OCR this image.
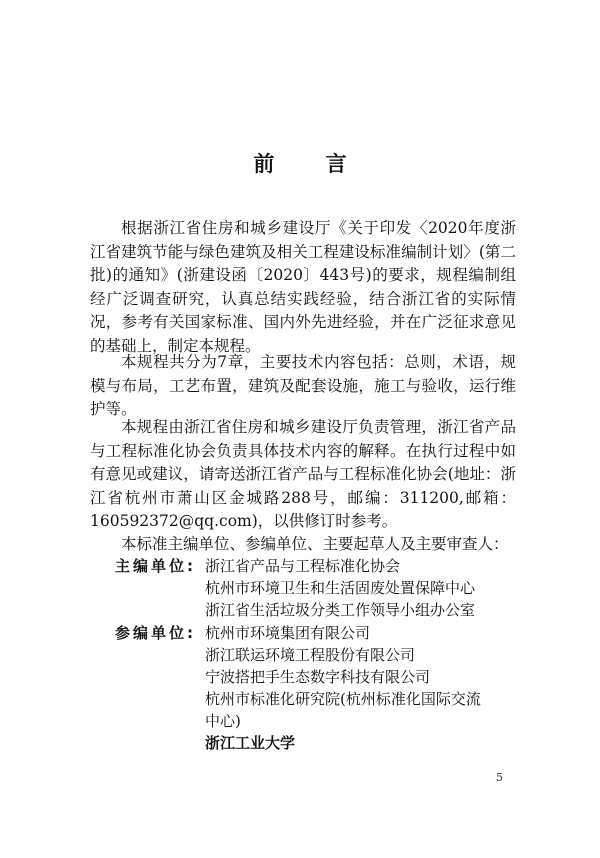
前 言

根据浙江省住房和城乡建设厅《关于印发〈2020年度浙江省建筑节能与绿色建筑及相关工程建设标准编制计划〉(第二批)的通知》(浙建设函〔2020〕443号)的要求，规程编制组经广泛调查研究，认真总结实践经验，结合浙江省的实际情况，参考有关国家标准、国内外先进经验，并在广泛征求意见的基础上，制定本规程。

本规程共分为7章，主要技术内容包括：总则，术语，规模与布局，工艺布置，建筑及配套设施，施工与验收，运行维护等。

本规程由浙江省住房和城乡建设厅负责管理，浙江省产品与工程标准化协会负责具体技术内容的解释。在执行过程中如有意见或建议，请寄送浙江省产品与工程标准化协会(地址：浙江省杭州市萧山区金城路288号，邮编：311200,邮箱：160592372@qq.com)，以供修订时参考。

本标准主编单位、参编单位、主要起草人及主要审查人：

主编单位: 浙江省产品与工程标准化协会
杭州市环境卫生和生活固废处置保障中心
浙江省生活垃圾分类工作领导小组办公室
参编单位: 杭州市环境集团有限公司
浙江联运环境工程股份有限公司
宁波搭把手生态数字科技有限公司
杭州市标准化研究院(杭州标准化国际交流
中心)
浙江工业大学
5
